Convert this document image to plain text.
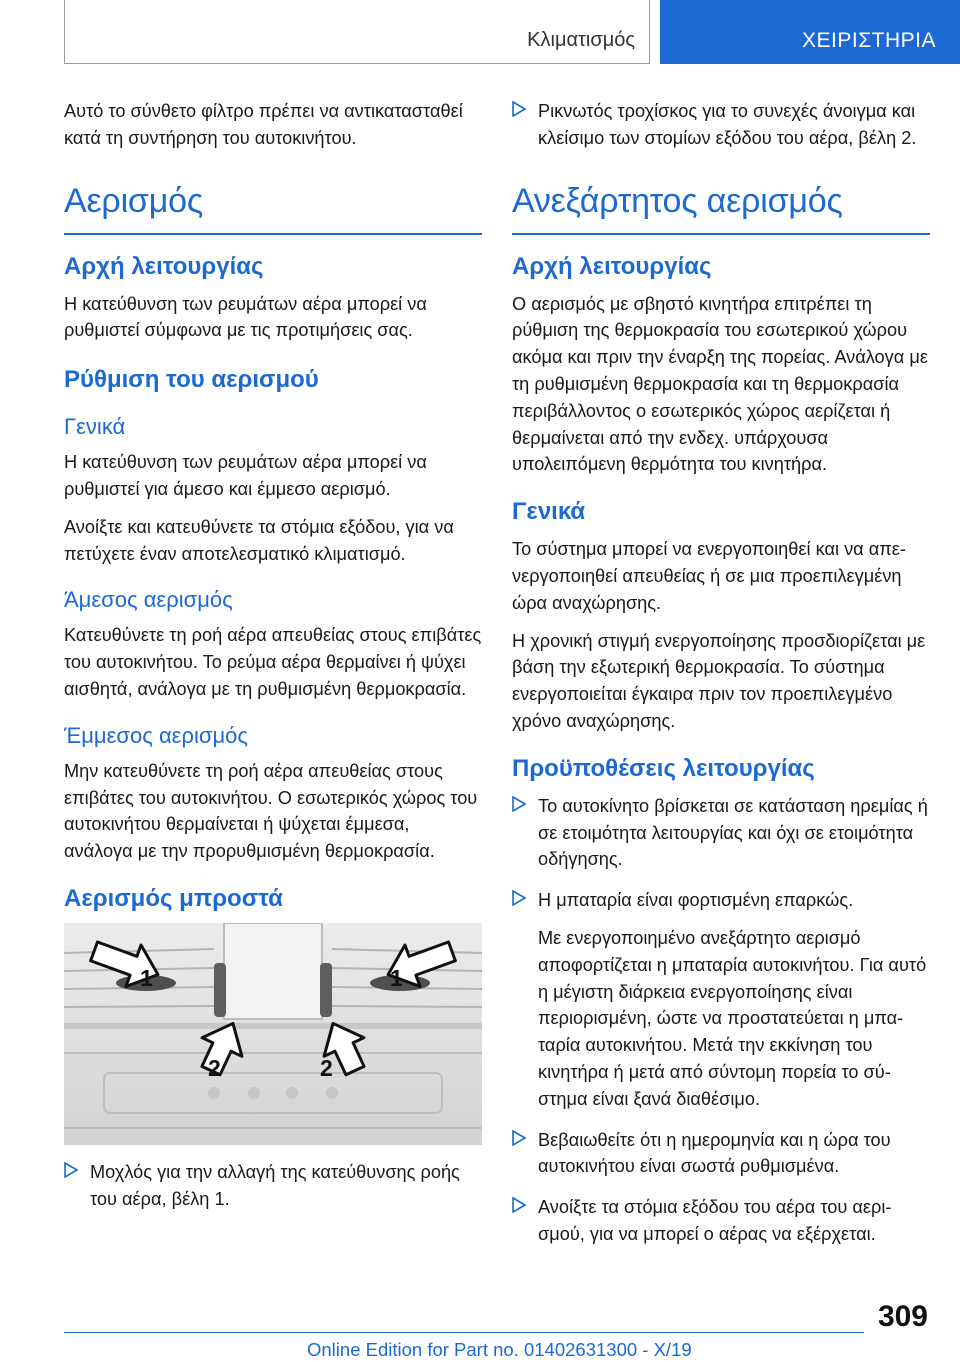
Κλιματισμός	ΧΕΙΡΙΣΤΗΡΙΑ

Αυτό το σύνθετο φίλτρο πρέπει να αντικατασταθεί κατά τη συντήρηση του αυτοκινήτου.

Αερισμός
Αρχή λειτουργίας

Η κατεύθυνση των ρευμάτων αέρα μπορεί να ρυθμιστεί σύμφωνα με τις προτιμήσεις σας.

Ρύθμιση του αερισμού
Γενικά

Η κατεύθυνση των ρευμάτων αέρα μπορεί να ρυθμιστεί για άμεσο και έμμεσο αερισμό.

Ανοίξτε και κατευθύνετε τα στόμια εξόδου, για να πετύχετε έναν αποτελεσματικό κλιματισμό.

Άμεσος αερισμός

Κατευθύνετε τη ροή αέρα απευθείας στους επιβάτες του αυτοκινήτου. Το ρεύμα αέρα θερμαίνει ή ψύχει αισθητά, ανάλογα με τη ρυθμισμένη θερμοκρασία.

Έμμεσος αερισμός

Μην κατευθύνετε τη ροή αέρα απευθείας στους επιβάτες του αυτοκινήτου. Ο εσωτερικός χώρος του αυτοκινήτου θερμαίνεται ή ψύχεται έμμεσα, ανάλογα με την προρυθμισμένη θερμοκρασία.

Αερισμός μπροστά
1	1
2	2
Μοχλός για την αλλαγή της κατεύθυνσης ροής του αέρα, βέλη 1.
Ρικνωτός τροχίσκος για το συνεχές άνοιγμα και κλείσιμο των στομίων εξόδου του αέρα, βέλη 2.
Ανεξάρτητος αερισμός
Αρχή λειτουργίας

Ο αερισμός με σβηστό κινητήρα επιτρέπει τη ρύθμιση της θερμοκρασία του εσωτερικού χώρου ακόμα και πριν την έναρξη της πορείας. Ανάλογα με τη ρυθμισμένη θερμοκρασία και τη θερμοκρασία περιβάλλοντος ο εσωτερικός χώρος αερίζεται ή θερμαίνεται από την ενδεχ. υπάρχουσα υπολειπόμενη θερμότητα του κινητήρα.

Γενικά

Το σύστημα μπορεί να ενεργοποιηθεί και να απενεργοποιηθεί απευθείας ή σε μια προεπιλεγμένη ώρα αναχώρησης.

Η χρονική στιγμή ενεργοποίησης προσδιορίζεται με βάση την εξωτερική θερμοκρασία. Το σύστημα ενεργοποιείται έγκαιρα πριν τον προεπιλεγμένο χρόνο αναχώρησης.

Προϋποθέσεις λειτουργίας
Το αυτοκίνητο βρίσκεται σε κατάσταση ηρεμίας ή σε ετοιμότητα λειτουργίας και όχι σε ετοιμότητα οδήγησης.
Η μπαταρία είναι φορτισμένη επαρκώς.

Με ενεργοποιημένο ανεξάρτητο αερισμό αποφορτίζεται η μπαταρία αυτοκινήτου. Για αυτό η μέγιστη διάρκεια ενεργοποίησης είναι περιορισμένη, ώστε να προστατεύεται η μπαταρία αυτοκινήτου. Μετά την εκκίνηση του κινητήρα ή μετά από σύντομη πορεία το σύστημα είναι ξανά διαθέσιμο.

Βεβαιωθείτε ότι η ημερομηνία και η ώρα του αυτοκινήτου είναι σωστά ρυθμισμένα.
Ανοίξτε τα στόμια εξόδου του αέρα του αερισμού, για να μπορεί ο αέρας να εξέρχεται.
309
Online Edition for Part no. 01402631300 - X/19
